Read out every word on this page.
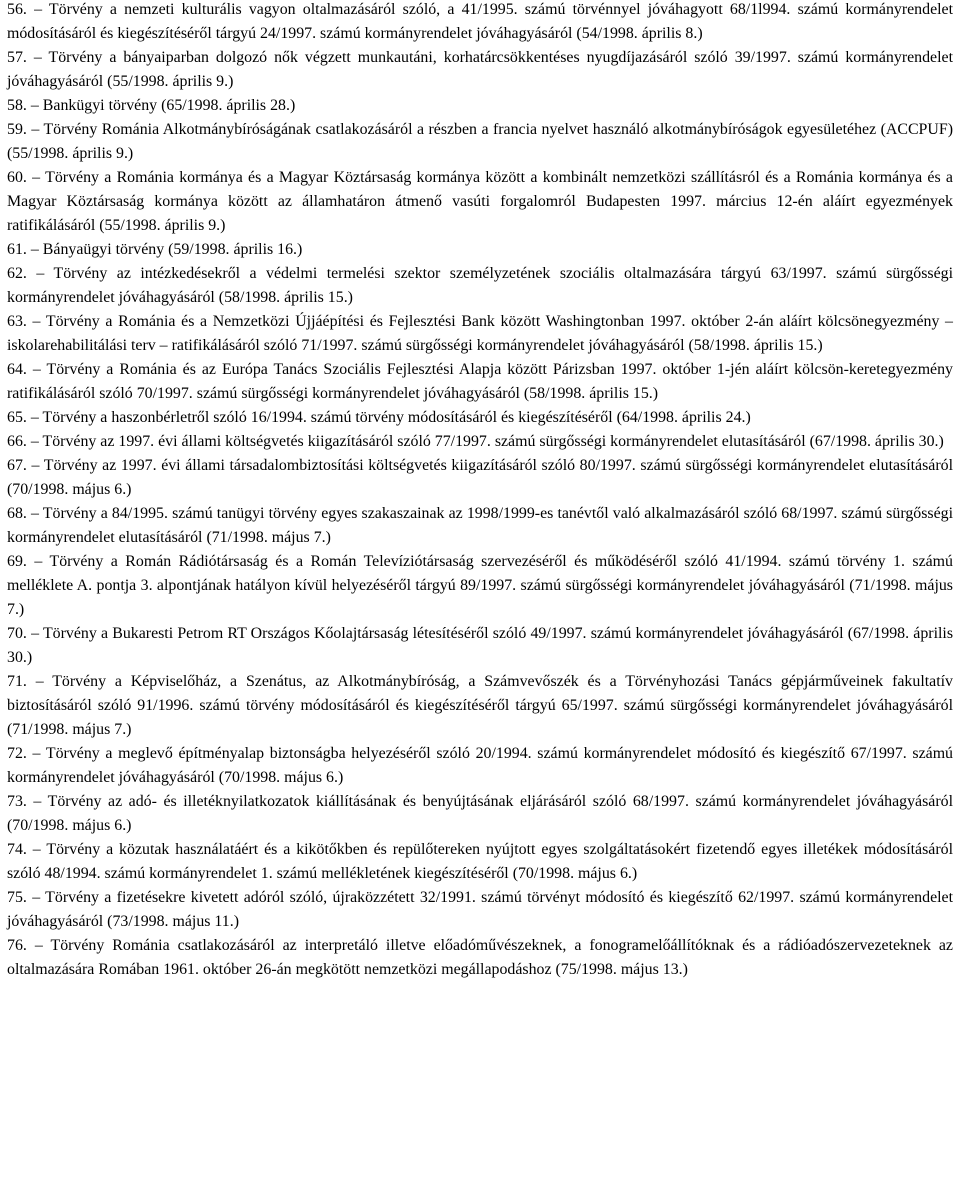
56. – Törvény a nemzeti kulturális vagyon oltalmazásáról szóló, a 41/1995. számú törvénnyel jóváhagyott 68/1l994. számú kormányrendelet módosításáról és kiegészítéséről tárgyú 24/1997. számú kormányrendelet jóváhagyásáról (54/1998. április 8.)

57. – Törvény a bányaiparban dolgozó nők végzett munkautáni, korhatárcsökkentéses nyugdíjazásáról szóló 39/1997. számú kormányrendelet jóváhagyásáról (55/1998. április 9.)

58. – Bankügyi törvény (65/1998. április 28.)

59. – Törvény Románia Alkotmánybíróságának csatlakozásáról a részben a francia nyelvet használó alkotmánybíróságok egyesületéhez (ACCPUF) (55/1998. április 9.)

60. – Törvény a Románia kormánya és a Magyar Köztársaság kormánya között a kombinált nemzetközi szállításról és a Románia kormánya és a Magyar Köztársaság kormánya között az államhatáron átmenő vasúti forgalomról Budapesten 1997. március 12-én aláírt egyezmények ratifikálásáról (55/1998. április 9.)

61. – Bányaügyi törvény (59/1998. április 16.)

62. – Törvény az intézkedésekről a védelmi termelési szektor személyzetének szociális oltalmazására tárgyú 63/1997. számú sürgősségi kormányrendelet jóváhagyásáról (58/1998. április 15.)

63. – Törvény a Románia és a Nemzetközi Újjáépítési és Fejlesztési Bank között Washingtonban 1997. október 2-án aláírt kölcsönegyezmény – iskolarehabilitálási terv – ratifikálásáról szóló 71/1997. számú sürgősségi kormányrendelet jóváhagyásáról (58/1998. április 15.)

64. – Törvény a Románia és az Európa Tanács Szociális Fejlesztési Alapja között Párizsban 1997. október 1-jén aláírt kölcsön-keretegyezmény ratifikálásáról szóló 70/1997. számú sürgősségi kormányrendelet jóváhagyásáról (58/1998. április 15.)

65. – Törvény a haszonbérletről szóló 16/1994. számú törvény módosításáról és kiegészítéséről (64/1998. április 24.)

66. – Törvény az 1997. évi állami költségvetés kiigazításáról szóló 77/1997. számú sürgősségi kormányrendelet elutasításáról (67/1998. április 30.)

67. – Törvény az 1997. évi állami társadalombiztosítási költségvetés kiigazításáról szóló 80/1997. számú sürgősségi kormányrendelet elutasításáról (70/1998. május 6.)

68. – Törvény a 84/1995. számú tanügyi törvény egyes szakaszainak az 1998/1999-es tanévtől való alkalmazásáról szóló 68/1997. számú sürgősségi kormányrendelet elutasításáról (71/1998. május 7.)

69. – Törvény a Román Rádiótársaság és a Román Televíziótársaság szervezéséről és működéséről szóló 41/1994. számú törvény 1. számú melléklete A. pontja 3. alpontjának hatályon kívül helyezéséről tárgyú 89/1997. számú sürgősségi kormányrendelet jóváhagyásáról (71/1998. május 7.)

70. – Törvény a Bukaresti Petrom RT Országos Kőolajtársaság létesítéséről szóló 49/1997. számú kormányrendelet jóváhagyásáról (67/1998. április 30.)

71. – Törvény a Képviselőház, a Szenátus, az Alkotmánybíróság, a Számvevőszék és a Törvényhozási Tanács gépjárműveinek fakultatív biztosításáról szóló 91/1996. számú törvény módosításáról és kiegészítéséről tárgyú 65/1997. számú sürgősségi kormányrendelet jóváhagyásáról (71/1998. május 7.)

72. – Törvény a meglevő építményalap biztonságba helyezéséről szóló 20/1994. számú kormányrendelet módosító és kiegészítő 67/1997. számú kormányrendelet jóváhagyásáról (70/1998. május 6.)

73. – Törvény az adó- és illetéknyilatkozatok kiállításának és benyújtásának eljárásáról szóló 68/1997. számú kormányrendelet jóváhagyásáról (70/1998. május 6.)

74. – Törvény a közutak használatáért és a kikötőkben és repülőtereken nyújtott egyes szolgáltatásokért fizetendő egyes illetékek módosításáról szóló 48/1994. számú kormányrendelet 1. számú mellékletének kiegészítéséről (70/1998. május 6.)

75. – Törvény a fizetésekre kivetett adóról szóló, újraközzétett 32/1991. számú törvényt módosító és kiegészítő 62/1997. számú kormányrendelet jóváhagyásáról (73/1998. május 11.)

76. – Törvény Románia csatlakozásáról az interpretáló illetve előadóművészeknek, a fonogramelőállítóknak és a rádióadószervezeteknek az oltalmazására Romában 1961. október 26-án megkötött nemzetközi megállapodáshoz (75/1998. május 13.)
